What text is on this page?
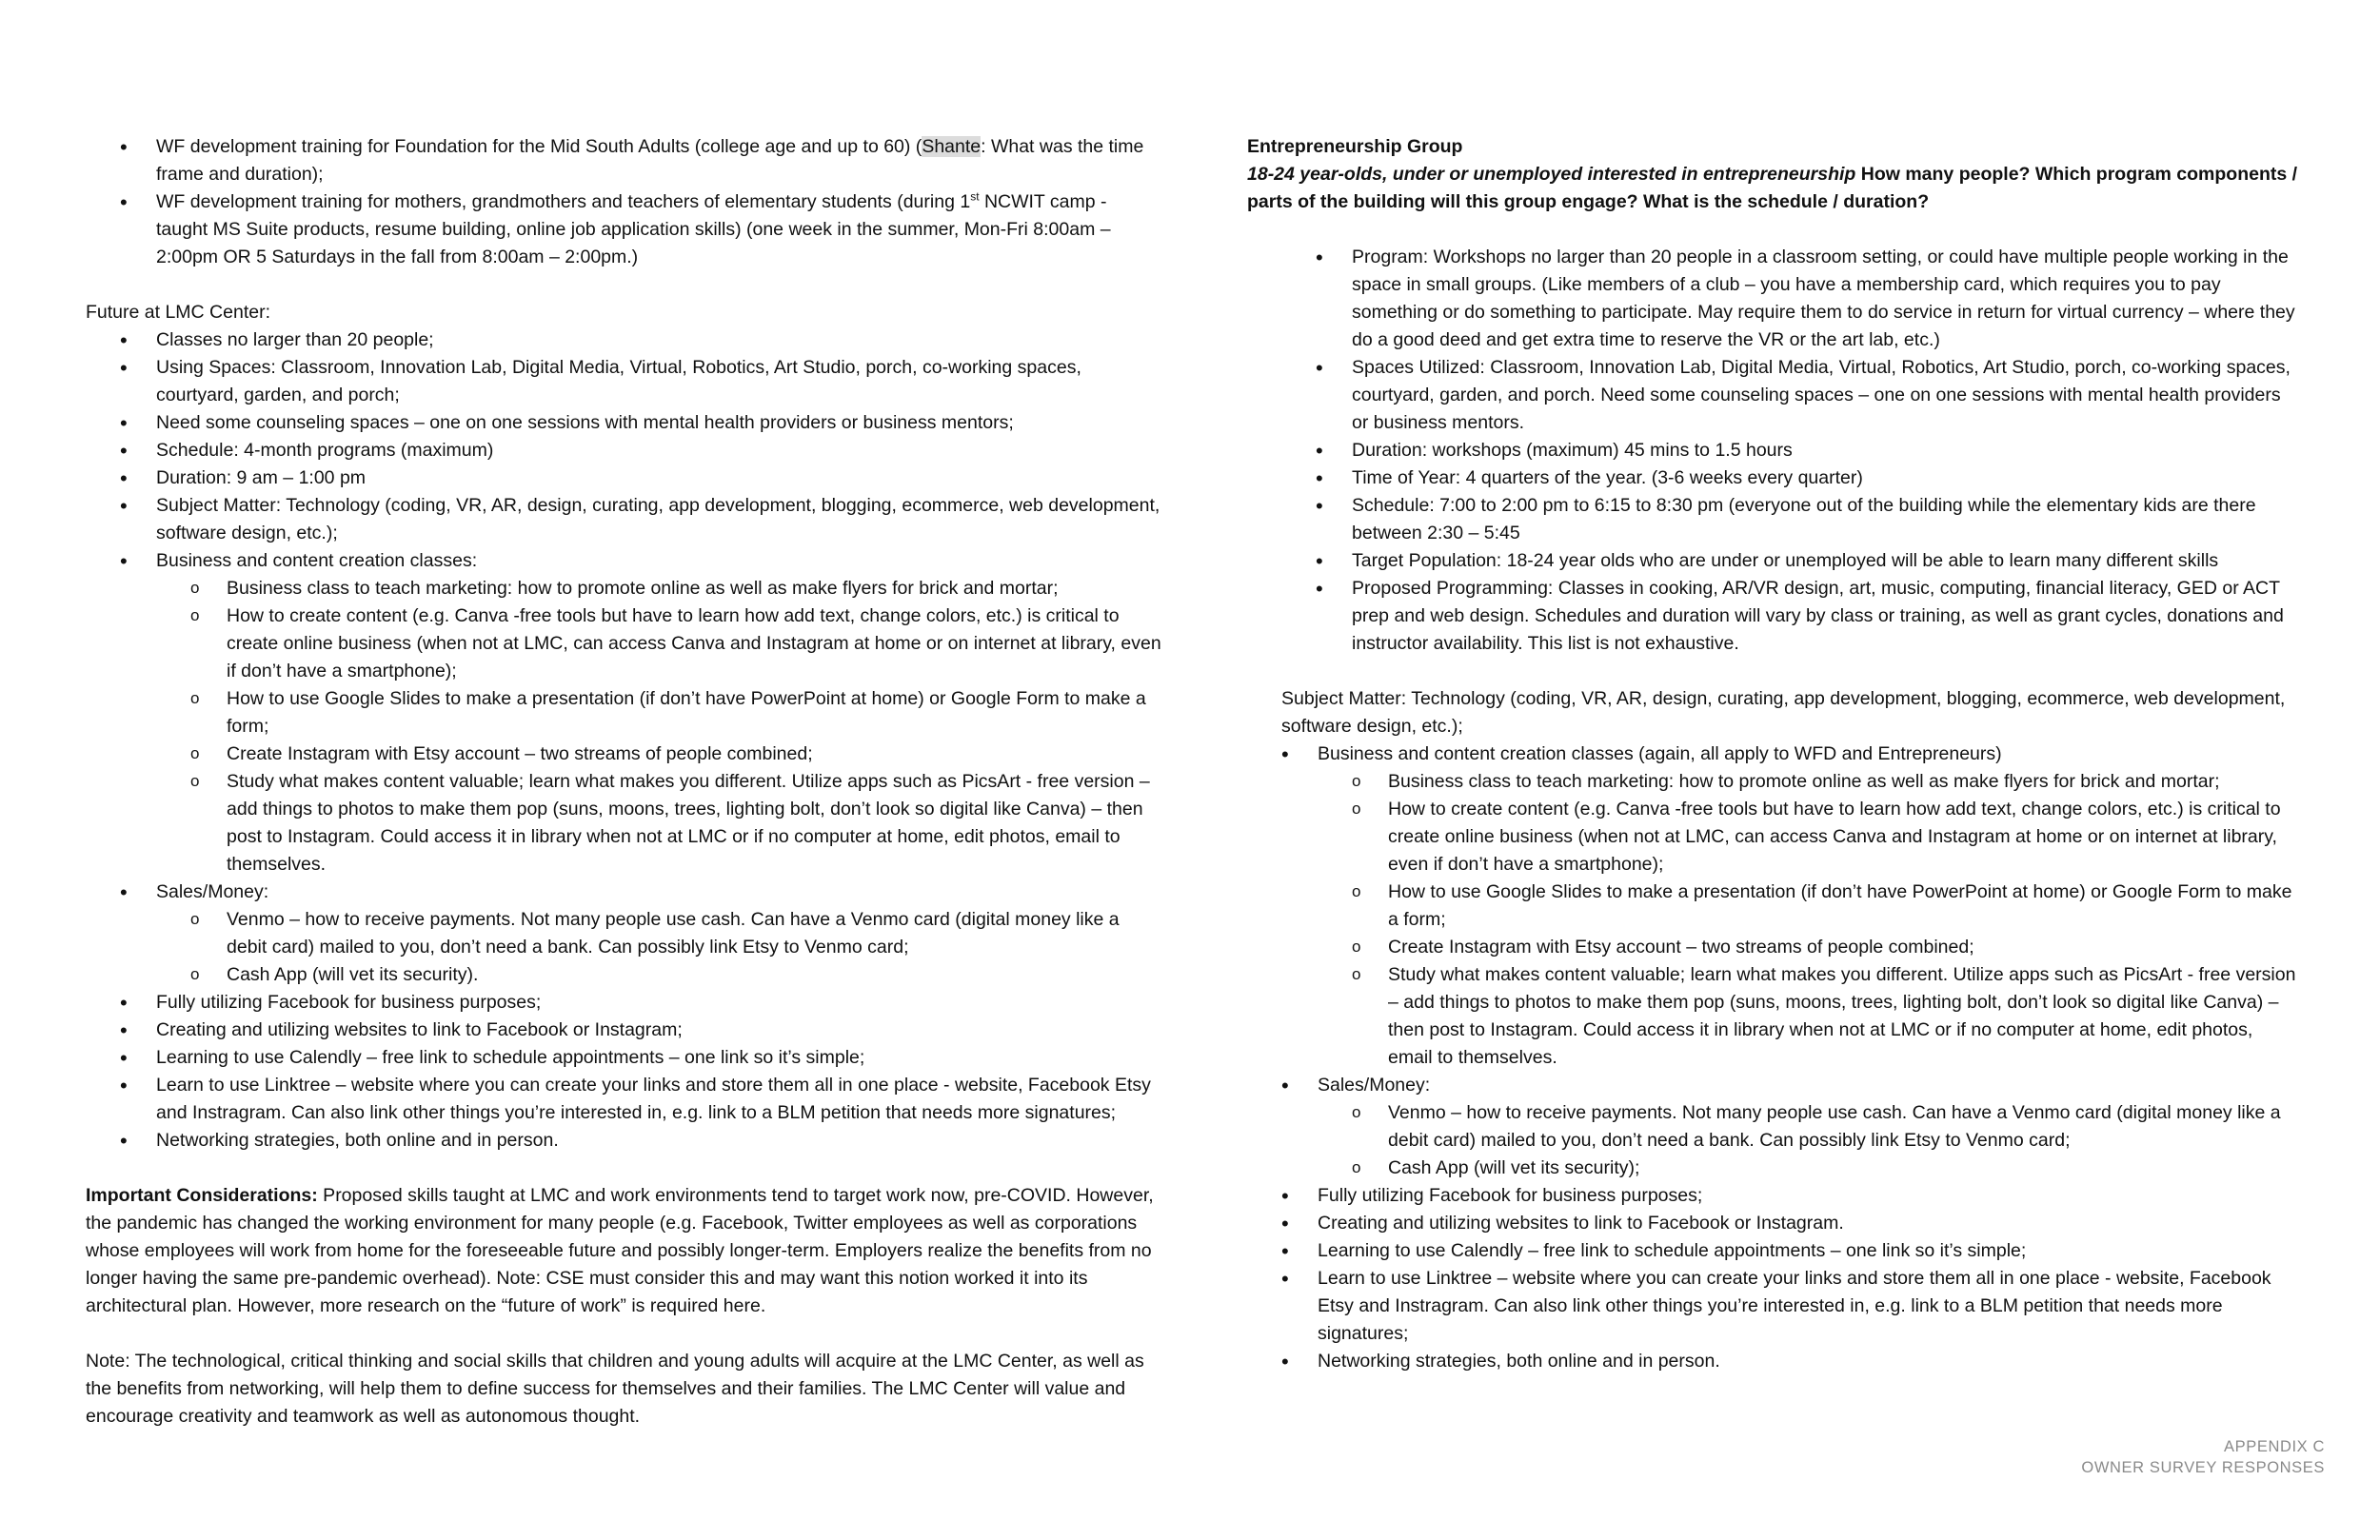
• WF development training for Foundation for the Mid South Adults (college age and up to 60) (Shante: What was the time frame and duration);
• WF development training for mothers, grandmothers and teachers of elementary students (during 1st NCWIT camp - taught MS Suite products, resume building, online job application skills) (one week in the summer, Mon-Fri 8:00am – 2:00pm OR 5 Saturdays in the fall from 8:00am – 2:00pm.)

Future at LMC Center:

• Classes no larger than 20 people;
• Using Spaces: Classroom, Innovation Lab, Digital Media, Virtual, Robotics, Art Studio, porch, co-working spaces, courtyard, garden, and porch;
• Need some counseling spaces – one on one sessions with mental health providers or business mentors;
• Schedule: 4-month programs (maximum)
• Duration: 9 am – 1:00 pm
• Subject Matter: Technology (coding, VR, AR, design, curating, app development, blogging, ecommerce, web development, software design, etc.);
• Business and content creation classes:
o Business class to teach marketing: how to promote online as well as make flyers for brick and mortar;
o How to create content (e.g. Canva -free tools but have to learn how add text, change colors, etc.) is critical to create online business (when not at LMC, can access Canva and Instagram at home or on internet at library, even if don’t have a smartphone);
o How to use Google Slides to make a presentation (if don’t have PowerPoint at home) or Google Form to make a form;
o Create Instagram with Etsy account – two streams of people combined;
o Study what makes content valuable; learn what makes you different. Utilize apps such as PicsArt - free version – add things to photos to make them pop (suns, moons, trees, lighting bolt, don’t look so digital like Canva) – then post to Instagram. Could access it in library when not at LMC or if no computer at home, edit photos, email to themselves.
• Sales/Money:
o Venmo – how to receive payments. Not many people use cash. Can have a Venmo card (digital money like a debit card) mailed to you, don’t need a bank. Can possibly link Etsy to Venmo card;
o Cash App (will vet its security).
• Fully utilizing Facebook for business purposes;
• Creating and utilizing websites to link to Facebook or Instagram;
• Learning to use Calendly – free link to schedule appointments – one link so it’s simple;
• Learn to use Linktree – website where you can create your links and store them all in one place - website, Facebook Etsy and Instragram. Can also link other things you’re interested in, e.g. link to a BLM petition that needs more signatures;
• Networking strategies, both online and in person.

Important Considerations: Proposed skills taught at LMC and work environments tend to target work now, pre-COVID. However, the pandemic has changed the working environment for many people (e.g. Facebook, Twitter employees as well as corporations whose employees will work from home for the foreseeable future and possibly longer-term. Employers realize the benefits from no longer having the same pre-pandemic overhead). Note: CSE must consider this and may want this notion worked it into its architectural plan. However, more research on the “future of work” is required here.

Note: The technological, critical thinking and social skills that children and young adults will acquire at the LMC Center, as well as the benefits from networking, will help them to define success for themselves and their families. The LMC Center will value and encourage creativity and teamwork as well as autonomous thought.

Entrepreneurship Group

18-24 year-olds, under or unemployed interested in entrepreneurship How many people? Which program components / parts of the building will this group engage? What is the schedule / duration?

• Program: Workshops no larger than 20 people in a classroom setting, or could have multiple people working in the space in small groups. (Like members of a club – you have a membership card, which requires you to pay something or do something to participate. May require them to do service in return for virtual currency – where they do a good deed and get extra time to reserve the VR or the art lab, etc.)
• Spaces Utilized: Classroom, Innovation Lab, Digital Media, Virtual, Robotics, Art Studio, porch, co-working spaces, courtyard, garden, and porch. Need some counseling spaces – one on one sessions with mental health providers or business mentors.
• Duration: workshops (maximum) 45 mins to 1.5 hours
• Time of Year: 4 quarters of the year. (3-6 weeks every quarter)
• Schedule: 7:00 to 2:00 pm to 6:15 to 8:30 pm (everyone out of the building while the elementary kids are there between 2:30 – 5:45
• Target Population: 18-24 year olds who are under or unemployed will be able to learn many different skills
• Proposed Programming: Classes in cooking, AR/VR design, art, music, computing, financial literacy, GED or ACT prep and web design. Schedules and duration will vary by class or training, as well as grant cycles, donations and instructor availability. This list is not exhaustive.

Subject Matter: Technology (coding, VR, AR, design, curating, app development, blogging, ecommerce, web development, software design, etc.);

• Business and content creation classes (again, all apply to WFD and Entrepreneurs)
o Business class to teach marketing: how to promote online as well as make flyers for brick and mortar;
o How to create content (e.g. Canva -free tools but have to learn how add text, change colors, etc.) is critical to create online business (when not at LMC, can access Canva and Instagram at home or on internet at library, even if don’t have a smartphone);
o How to use Google Slides to make a presentation (if don’t have PowerPoint at home) or Google Form to make a form;
o Create Instagram with Etsy account – two streams of people combined;
o Study what makes content valuable; learn what makes you different. Utilize apps such as PicsArt - free version – add things to photos to make them pop (suns, moons, trees, lighting bolt, don’t look so digital like Canva) – then post to Instagram. Could access it in library when not at LMC or if no computer at home, edit photos, email to themselves.
• Sales/Money:
o Venmo – how to receive payments. Not many people use cash. Can have a Venmo card (digital money like a debit card) mailed to you, don’t need a bank. Can possibly link Etsy to Venmo card;
o Cash App (will vet its security);
• Fully utilizing Facebook for business purposes;
• Creating and utilizing websites to link to Facebook or Instagram.
• Learning to use Calendly – free link to schedule appointments – one link so it’s simple;
• Learn to use Linktree – website where you can create your links and store them all in one place - website, Facebook Etsy and Instragram. Can also link other things you’re interested in, e.g. link to a BLM petition that needs more signatures;
• Networking strategies, both online and in person.
APPENDIX C
OWNER SURVEY RESPONSES
